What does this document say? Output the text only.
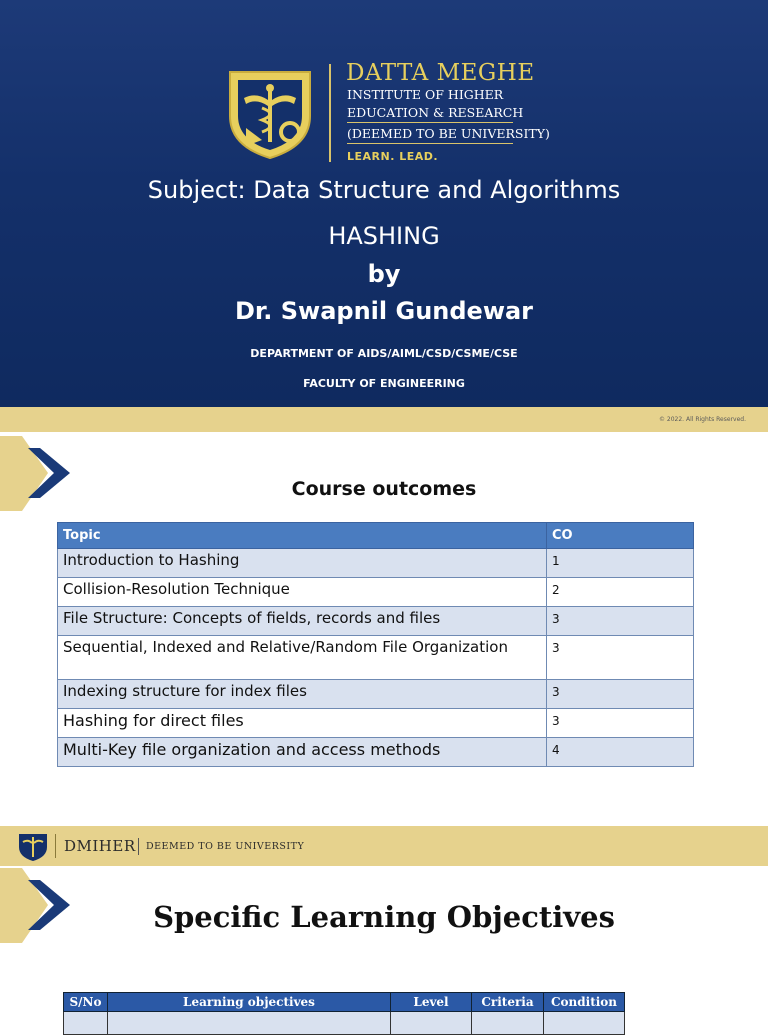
DATTA MEGHE
INSTITUTE OF HIGHER
EDUCATION & RESEARCH
(DEEMED TO BE UNIVERSITY)
LEARN. LEAD.
Subject: Data Structure and Algorithms
HASHING
by
Dr. Swapnil Gundewar
DEPARTMENT OF AIDS/AIML/CSD/CSME/CSE
FACULTY OF ENGINEERING
© 2022. All Rights Reserved.
Course outcomes
Topic	CO
Introduction to Hashing	1
Collision-Resolution Technique	2
File Structure: Concepts of fields, records and files	3
Sequential, Indexed and Relative/Random File Organization	3
Indexing structure for index files	3
Hashing for direct files	3
Multi-Key file organization and access methods	4
DMIHER DEEMED TO BE UNIVERSITY
Specific Learning Objectives
S/No	Learning objectives	Level	Criteria	Condition
